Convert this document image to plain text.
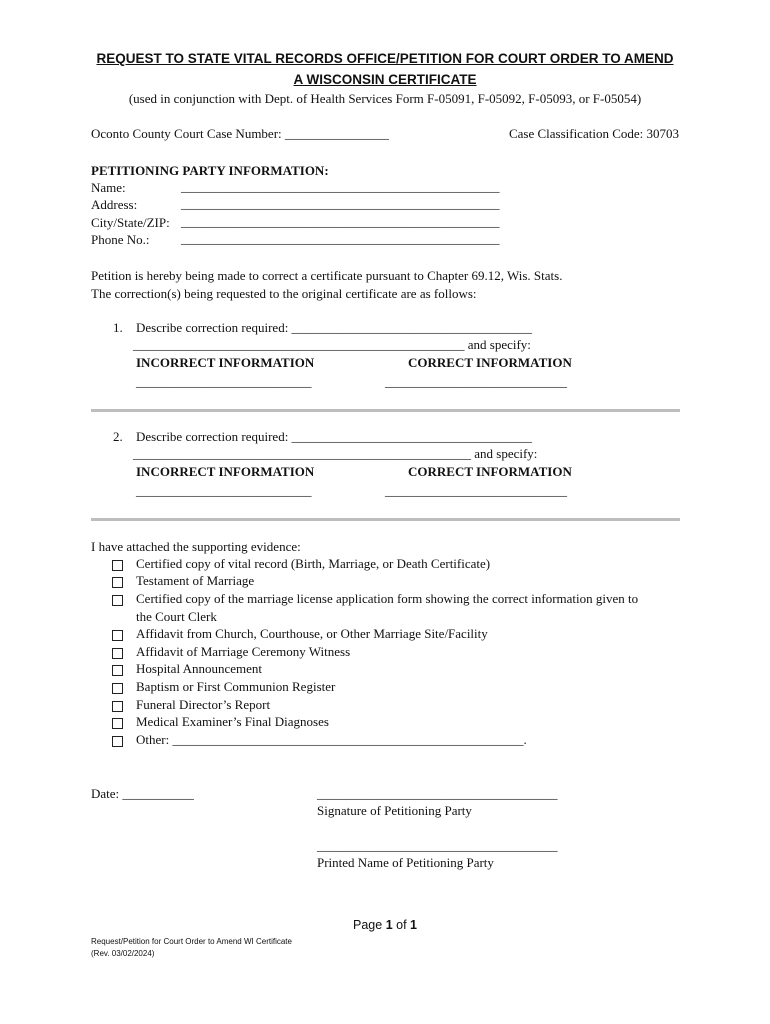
REQUEST TO STATE VITAL RECORDS OFFICE/PETITION FOR COURT ORDER TO AMEND
A WISCONSIN CERTIFICATE
(used in conjunction with Dept. of Health Services Form F-05091, F-05092, F-05093, or F-05054)
Oconto County Court Case Number: ________________	Case Classification Code: 30703
PETITIONING PARTY INFORMATION:
Name:	_________________________________________________
Address:	_________________________________________________
City/State/ZIP: _________________________________________________
Phone No.: _________________________________________________
Petition is hereby being made to correct a certificate pursuant to Chapter 69.12, Wis. Stats.
The correction(s) being requested to the original certificate are as follows:
1. Describe correction required: _____________________________________
___________________________________________________ and specify:
INCORRECT INFORMATION	CORRECT INFORMATION
___________________________	____________________________
2. Describe correction required: _____________________________________
____________________________________________________ and specify:
INCORRECT INFORMATION	CORRECT INFORMATION
___________________________	____________________________
I have attached the supporting evidence:
Certified copy of vital record (Birth, Marriage, or Death Certificate)
Testament of Marriage
Certified copy of the marriage license application form showing the correct information given to
the Court Clerk
Affidavit from Church, Courthouse, or Other Marriage Site/Facility
Affidavit of Marriage Ceremony Witness
Hospital Announcement
Baptism or First Communion Register
Funeral Director’s Report
Medical Examiner’s Final Diagnoses
Other: ______________________________________________________.
Date: ___________	_____________________________________
Signature of Petitioning Party
_____________________________________
Printed Name of Petitioning Party
Page 1 of 1
Request/Petition for Court Order to Amend WI Certificate
(Rev. 03/02/2024)
